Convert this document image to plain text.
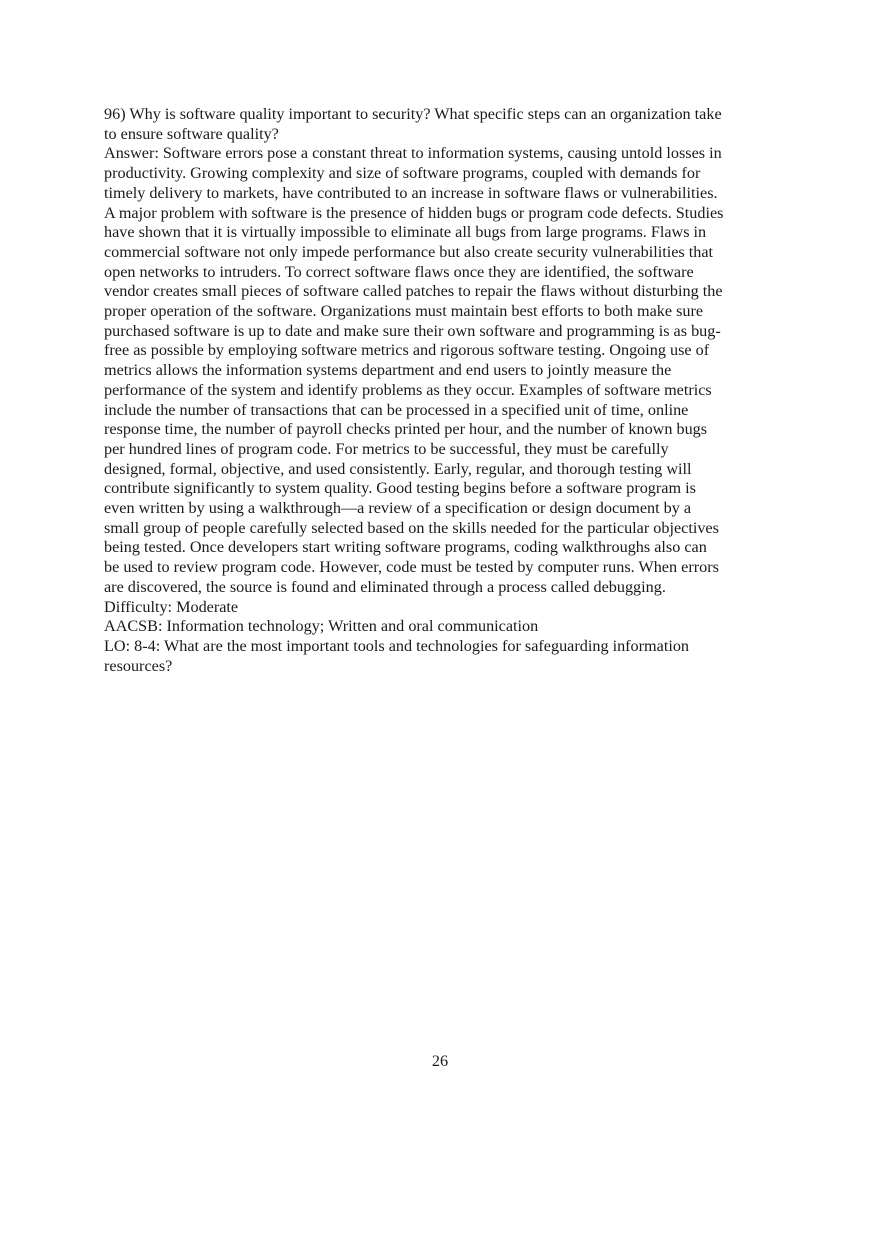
96) Why is software quality important to security? What specific steps can an organization take

to ensure software quality?

Answer: Software errors pose a constant threat to information systems, causing untold losses in

productivity. Growing complexity and size of software programs, coupled with demands for

timely delivery to markets, have contributed to an increase in software flaws or vulnerabilities.

A major problem with software is the presence of hidden bugs or program code defects. Studies

have shown that it is virtually impossible to eliminate all bugs from large programs. Flaws in

commercial software not only impede performance but also create security vulnerabilities that

open networks to intruders. To correct software flaws once they are identified, the software

vendor creates small pieces of software called patches to repair the flaws without disturbing the

proper operation of the software. Organizations must maintain best efforts to both make sure

purchased software is up to date and make sure their own software and programming is as bug-

free as possible by employing software metrics and rigorous software testing. Ongoing use of

metrics allows the information systems department and end users to jointly measure the

performance of the system and identify problems as they occur. Examples of software metrics

include the number of transactions that can be processed in a specified unit of time, online

response time, the number of payroll checks printed per hour, and the number of known bugs

per hundred lines of program code. For metrics to be successful, they must be carefully

designed, formal, objective, and used consistently. Early, regular, and thorough testing will

contribute significantly to system quality. Good testing begins before a software program is

even written by using a walkthrough—a review of a specification or design document by a

small group of people carefully selected based on the skills needed for the particular objectives

being tested. Once developers start writing software programs, coding walkthroughs also can

be used to review program code. However, code must be tested by computer runs. When errors

are discovered, the source is found and eliminated through a process called debugging.

Difficulty: Moderate

AACSB: Information technology; Written and oral communication

LO: 8-4: What are the most important tools and technologies for safeguarding information

resources?

26
